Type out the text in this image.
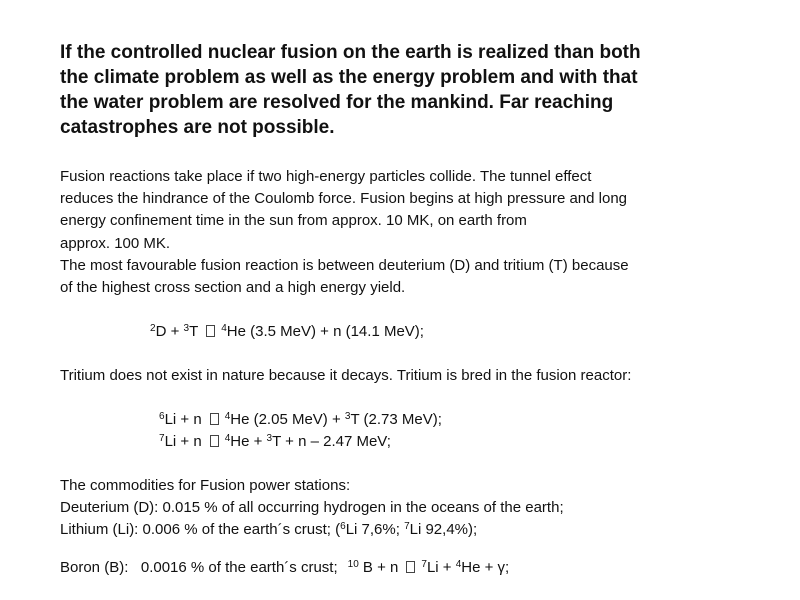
If the controlled nuclear fusion on the earth is realized than both
the climate problem as well as the energy problem and with that
the water problem are resolved for the mankind. Far reaching
catastrophes are not possible.
Fusion reactions take place if two high-energy particles collide. The tunnel effect
reduces the hindrance of the Coulomb force. Fusion begins at high pressure and long
energy confinement time in the sun from approx. 10 MK, on earth from
approx. 100 MK.
The most favourable fusion reaction is between deuterium (D) and tritium (T) because
of the highest cross section and a high energy yield.
$^2$D + $^3$T $^4$He (3.5 MeV) + n (14.1 MeV);
Tritium does not exist in nature because it decays. Tritium is bred in the fusion reactor:
$^6$Li + n $^4$He (2.05 MeV) + $^3$T (2.73 MeV);
$^7$Li + n $^4$He + $^3$T + n – 2.47 MeV;
The commodities for Fusion power stations:
Deuterium (D): 0.015 % of all occurring hydrogen in the oceans of the earth;
Lithium (Li): 0.006 % of the earth´s crust; ($^6$Li 7,6%; $^7$Li 92,4%);
Boron (B):   0.0016 % of the earth´s crust; $^{10}$ B + n $^7$Li + $^4$He + γ;
